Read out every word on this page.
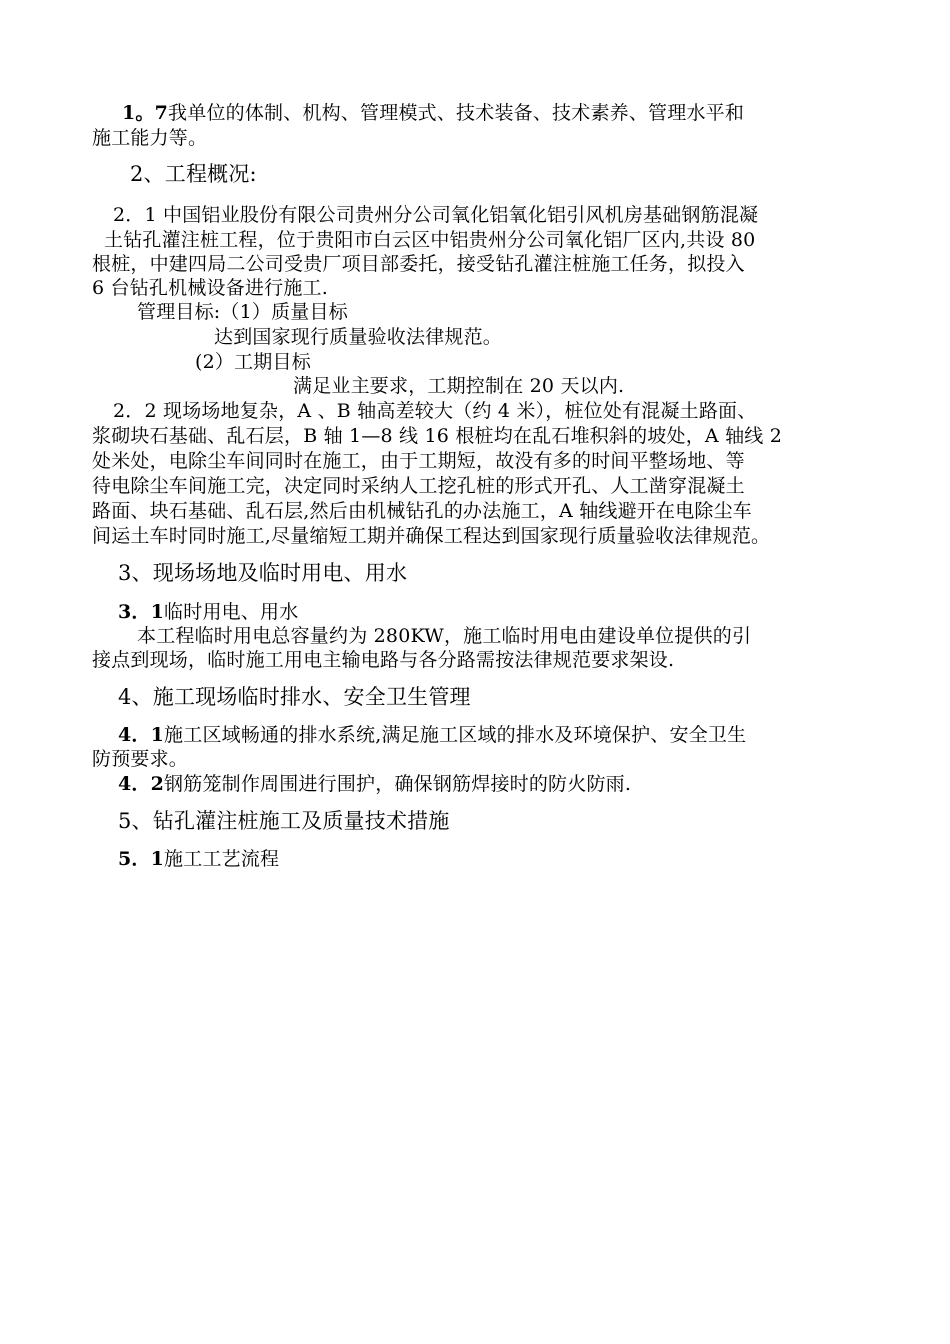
1。7我单位的体制、机构、管理模式、技术装备、技术素养、管理水平和
施工能力等。
2、工程概况:
2．1 中国铝业股份有限公司贵州分公司氧化铝氧化铝引风机房基础钢筋混凝
土钻孔灌注桩工程，位于贵阳市白云区中铝贵州分公司氧化铝厂区内,共设 80
根桩，中建四局二公司受贵厂项目部委托，接受钻孔灌注桩施工任务，拟投入
6 台钻孔机械设备进行施工.
管理目标:（1）质量目标
达到国家现行质量验收法律规范。
(2）工期目标
满足业主要求，工期控制在 20 天以内.
2．2 现场场地复杂，A 、B 轴高差较大（约 4 米），桩位处有混凝土路面、
浆砌块石基础、乱石层，B 轴 1—8 线 16 根桩均在乱石堆积斜的坡处，A 轴线 2
处米处，电除尘车间同时在施工，由于工期短，故没有多的时间平整场地、等
待电除尘车间施工完，决定同时采纳人工挖孔桩的形式开孔、人工凿穿混凝土
路面、块石基础、乱石层,然后由机械钻孔的办法施工，A 轴线避开在电除尘车
间运土车时同时施工,尽量缩短工期并确保工程达到国家现行质量验收法律规范。
3、现场场地及临时用电、用水
3．1临时用电、用水
本工程临时用电总容量约为 280KW，施工临时用电由建设单位提供的引
接点到现场，临时施工用电主输电路与各分路需按法律规范要求架设.
4、施工现场临时排水、安全卫生管理
4．1施工区域畅通的排水系统,满足施工区域的排水及环境保护、安全卫生
防预要求。
4．2钢筋笼制作周围进行围护，确保钢筋焊接时的防火防雨.
5、钻孔灌注桩施工及质量技术措施
5．1施工工艺流程
